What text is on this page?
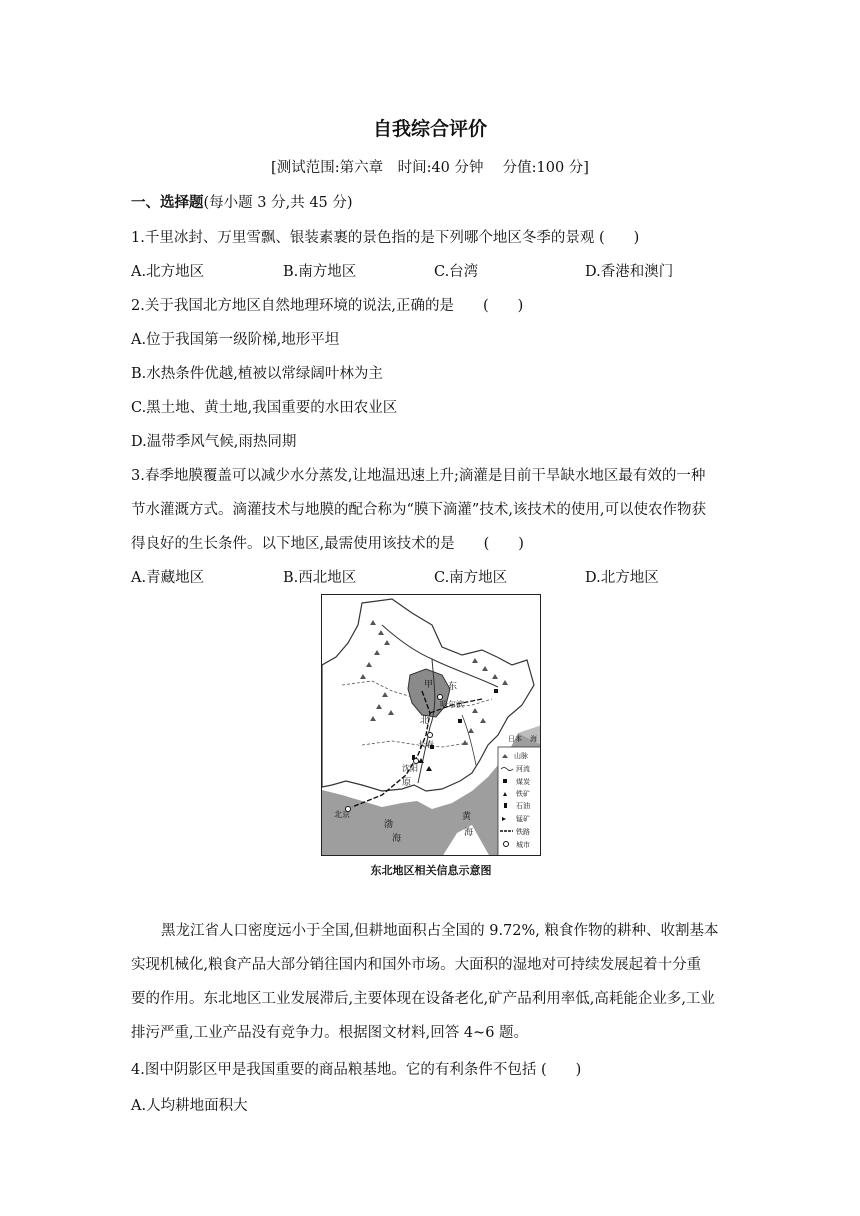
自我综合评价
[测试范围:第六章　时间:40 分钟　 分值:100 分]
一、选择题(每小题 3 分,共 45 分)
1.千里冰封、万里雪飘、银装素裹的景色指的是下列哪个地区冬季的景观 (　　)
A.北方地区	B.南方地区	C.台湾	D.香港和澳门
2.关于我国北方地区自然地理环境的说法,正确的是　　(　　)
A.位于我国第一级阶梯,地形平坦
B.水热条件优越,植被以常绿阔叶林为主
C.黑土地、黄土地,我国重要的水田农业区
D.温带季风气候,雨热同期
3.春季地膜覆盖可以减少水分蒸发,让地温迅速上升;滴灌是目前干旱缺水地区最有效的一种
节水灌溉方式。滴灌技术与地膜的配合称为“膜下滴灌”技术,该技术的使用,可以使农作物获
得良好的生长条件。以下地区,最需使用该技术的是　　(　　)
A.青藏地区	B.西北地区	C.南方地区	D.北方地区
甲 东
哈尔滨
北
长春
沈阳
原
北京
渤
海
黄
海
日本 海
山脉
河流
煤炭
铁矿
石油
锰矿
铁路
城市
东北地区相关信息示意图
黑龙江省人口密度远小于全国,但耕地面积占全国的 9.72%, 粮食作物的耕种、收割基本
实现机械化,粮食产品大部分销往国内和国外市场。大面积的湿地对可持续发展起着十分重
要的作用。东北地区工业发展滞后,主要体现在设备老化,矿产品利用率低,高耗能企业多,工业
排污严重,工业产品没有竞争力。根据图文材料,回答 4~6 题。
4.图中阴影区甲是我国重要的商品粮基地。它的有利条件不包括 (　　)
A.人均耕地面积大
